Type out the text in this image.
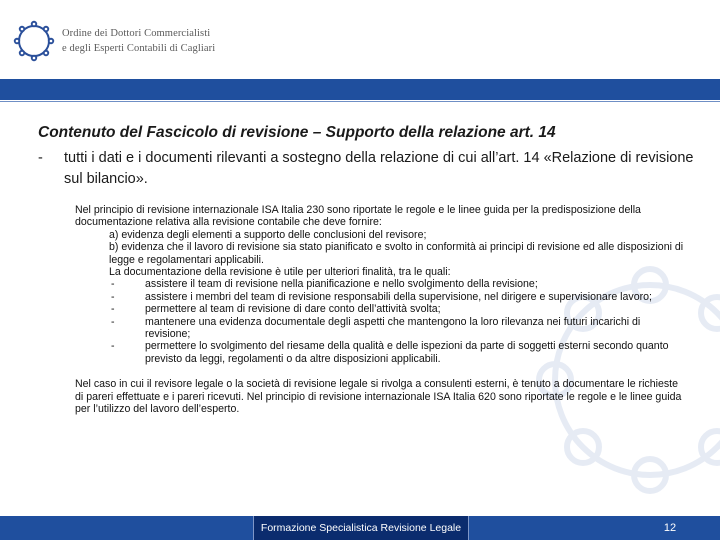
Ordine dei Dottori Commercialisti
e degli Esperti Contabili di Cagliari
Contenuto del Fascicolo di revisione – Supporto della relazione art. 14
- tutti i dati e i documenti rilevanti a sostegno della relazione di cui all’art. 14 «Relazione di revisione sul bilancio».

Nel principio di revisione internazionale ISA Italia 230 sono riportate le regole e le linee guida per la predisposizione della documentazione relativa alla revisione contabile che deve fornire:

a) evidenza degli elementi a supporto delle conclusioni del revisore;

b) evidenza che il lavoro di revisione sia stato pianificato e svolto in conformità ai principi di revisione ed alle disposizioni di legge e regolamentari applicabili.

La documentazione della revisione è utile per ulteriori finalità, tra le quali:

-	assistere il team di revisione nella pianificazione e nello svolgimento della revisione;

-	assistere i membri del team di revisione responsabili della supervisione, nel dirigere e supervisionare lavoro;

-	permettere al team di revisione di dare conto dell’attività svolta;

-	mantenere una evidenza documentale degli aspetti che mantengono la loro rilevanza nei futuri incarichi di revisione;

-	permettere lo svolgimento del riesame della qualità e delle ispezioni da parte di soggetti esterni secondo quanto previsto da leggi, regolamenti o da altre disposizioni applicabili.

Nel caso in cui il revisore legale o la società di revisione legale si rivolga a consulenti esterni, è tenuto a documentare le richieste di pareri effettuate e i pareri ricevuti. Nel principio di revisione internazionale ISA Italia 620 sono riportate le regole e le linee guida per l’utilizzo del lavoro dell’esperto.

Formazione Specialistica Revisione Legale	12
